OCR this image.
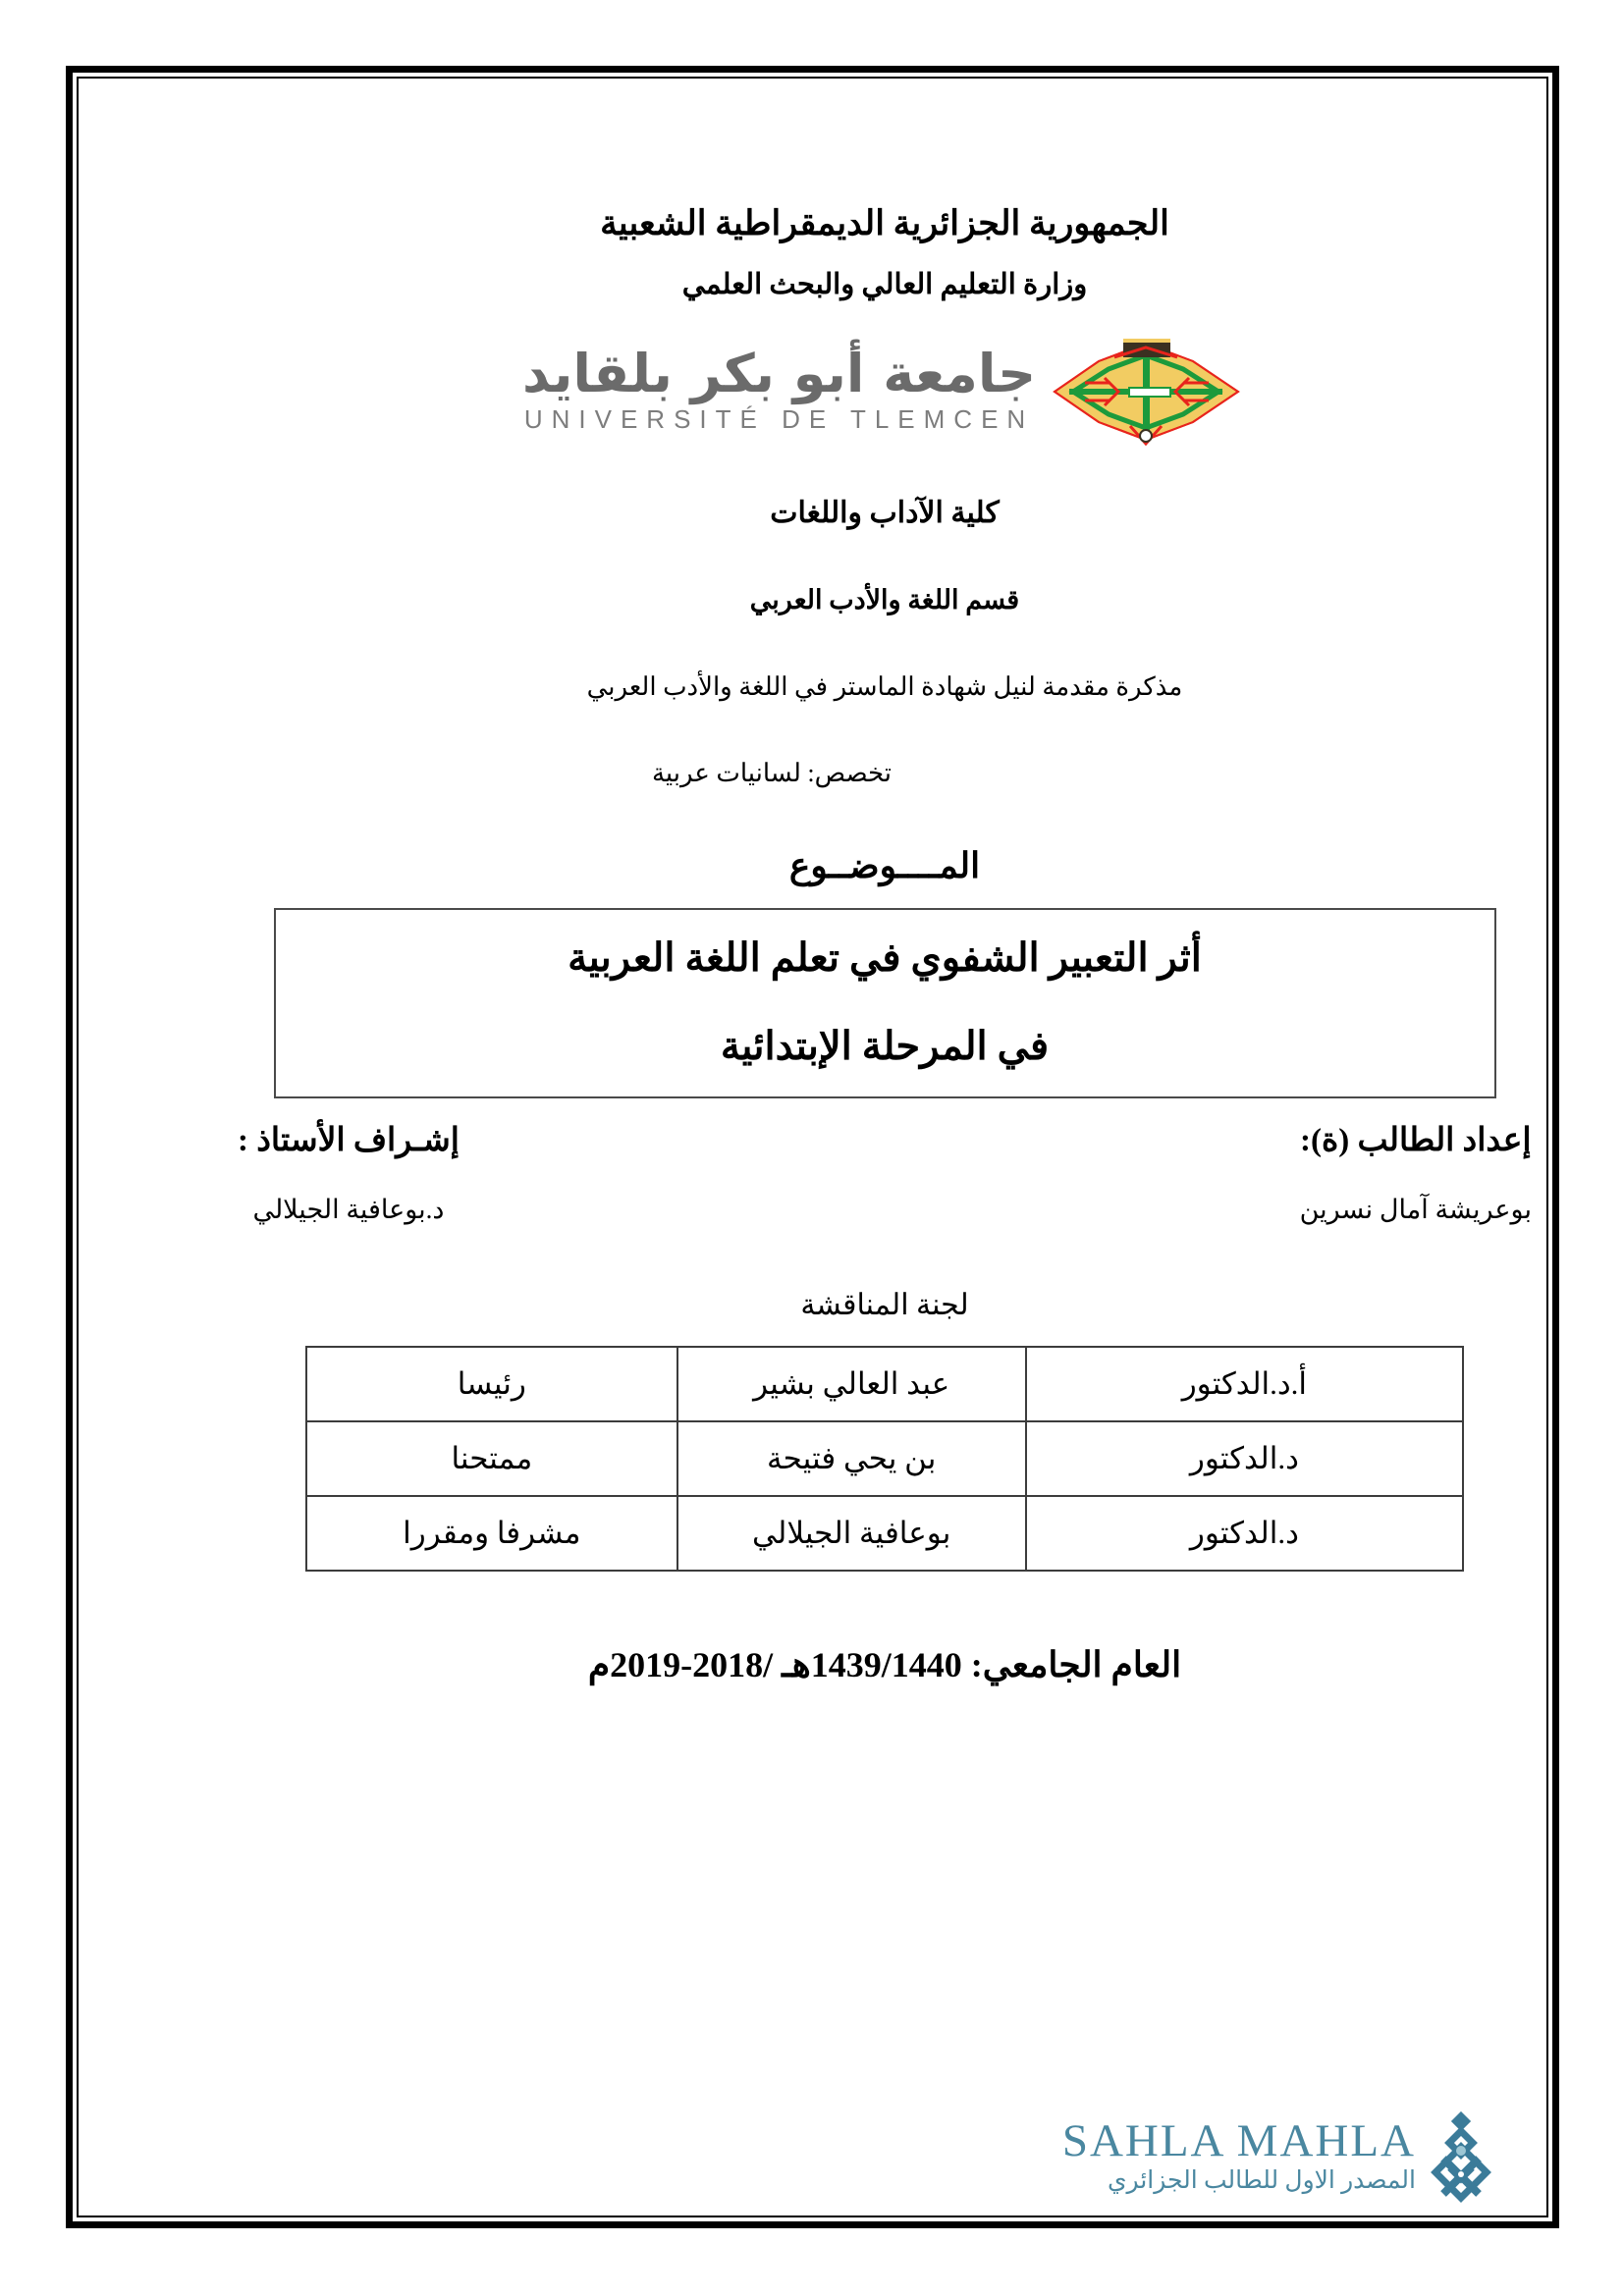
الجمهورية الجزائرية الديمقراطية الشعبية
وزارة التعليم العالي والبحث العلمي
جامعة أبو بكر بلقايد
UNIVERSITÉ DE TLEMCEN
كلية الآداب واللغات
قسم اللغة والأدب العربي
مذكرة مقدمة لنيل شهادة الماستر في اللغة والأدب العربي
تخصص: لسانيات عربية
المــــوضــوع
أثر التعبير الشفوي في تعلم اللغة العربية
في المرحلة الإبتدائية
إعداد الطالب (ة):
بوعريشة آمال نسرين
إشـراف الأستاذ :
د.بوعافية الجيلالي
لجنة المناقشة
أ.د.الدكتور	عبد العالي بشير	رئيسا
د.الدكتور	بن يحي فتيحة	ممتحنا
د.الدكتور	بوعافية الجيلالي	مشرفا ومقررا
العام الجامعي: 1439/1440هـ /2018-2019م
SAHLA MAHLA
المصدر الاول للطالب الجزائري
